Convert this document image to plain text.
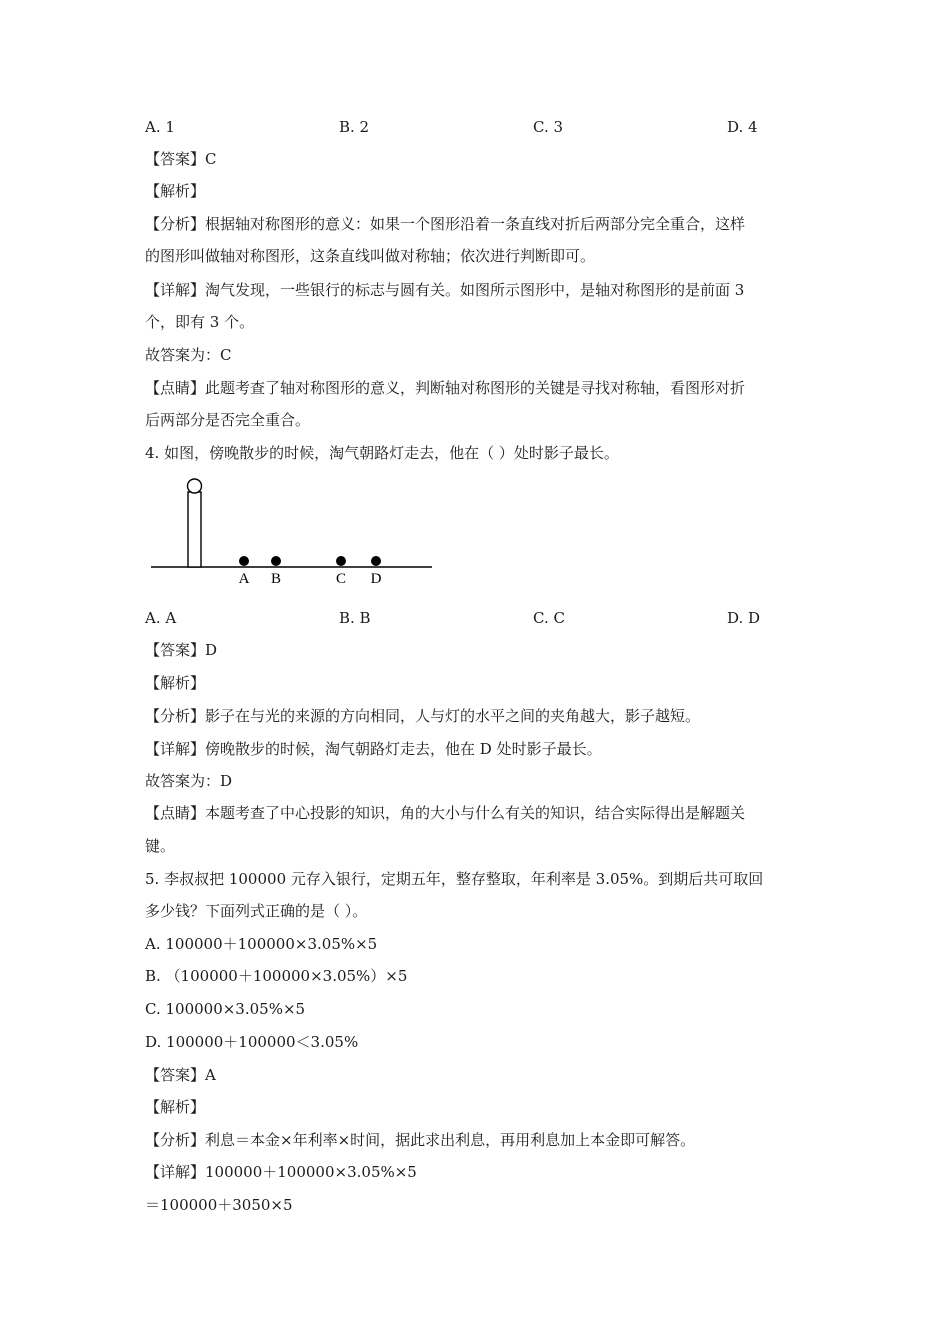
A. 1	B. 2	C. 3	D. 4
【答案】C
【解析】
【分析】根据轴对称图形的意义：如果一个图形沿着一条直线对折后两部分完全重合，这样
的图形叫做轴对称图形，这条直线叫做对称轴；依次进行判断即可。
【详解】淘气发现，一些银行的标志与圆有关。如图所示图形中，是轴对称图形的是前面 3
个，即有 3 个。
故答案为：C
【点睛】此题考查了轴对称图形的意义，判断轴对称图形的关键是寻找对称轴，看图形对折
后两部分是否完全重合。
4. 如图，傍晚散步的时候，淘气朝路灯走去，他在（ ）处时影子最长。
A B	C D
A. A	B. B	C. C	D. D
【答案】D
【解析】
【分析】影子在与光的来源的方向相同，人与灯的水平之间的夹角越大，影子越短。
【详解】傍晚散步的时候，淘气朝路灯走去，他在 D 处时影子最长。
故答案为：D
【点睛】本题考查了中心投影的知识，角的大小与什么有关的知识，结合实际得出是解题关
键。
5. 李叔叔把 100000 元存入银行，定期五年，整存整取，年利率是 3.05%。到期后共可取回
多少钱？下面列式正确的是（ ）。
A. 100000＋100000×3.05%×5
B. （100000＋100000×3.05%）×5
C. 100000×3.05%×5
D. 100000＋100000＜3.05%
【答案】A
【解析】
【分析】利息＝本金×年利率×时间，据此求出利息，再用利息加上本金即可解答。
【详解】100000＋100000×3.05%×5
＝100000＋3050×5
